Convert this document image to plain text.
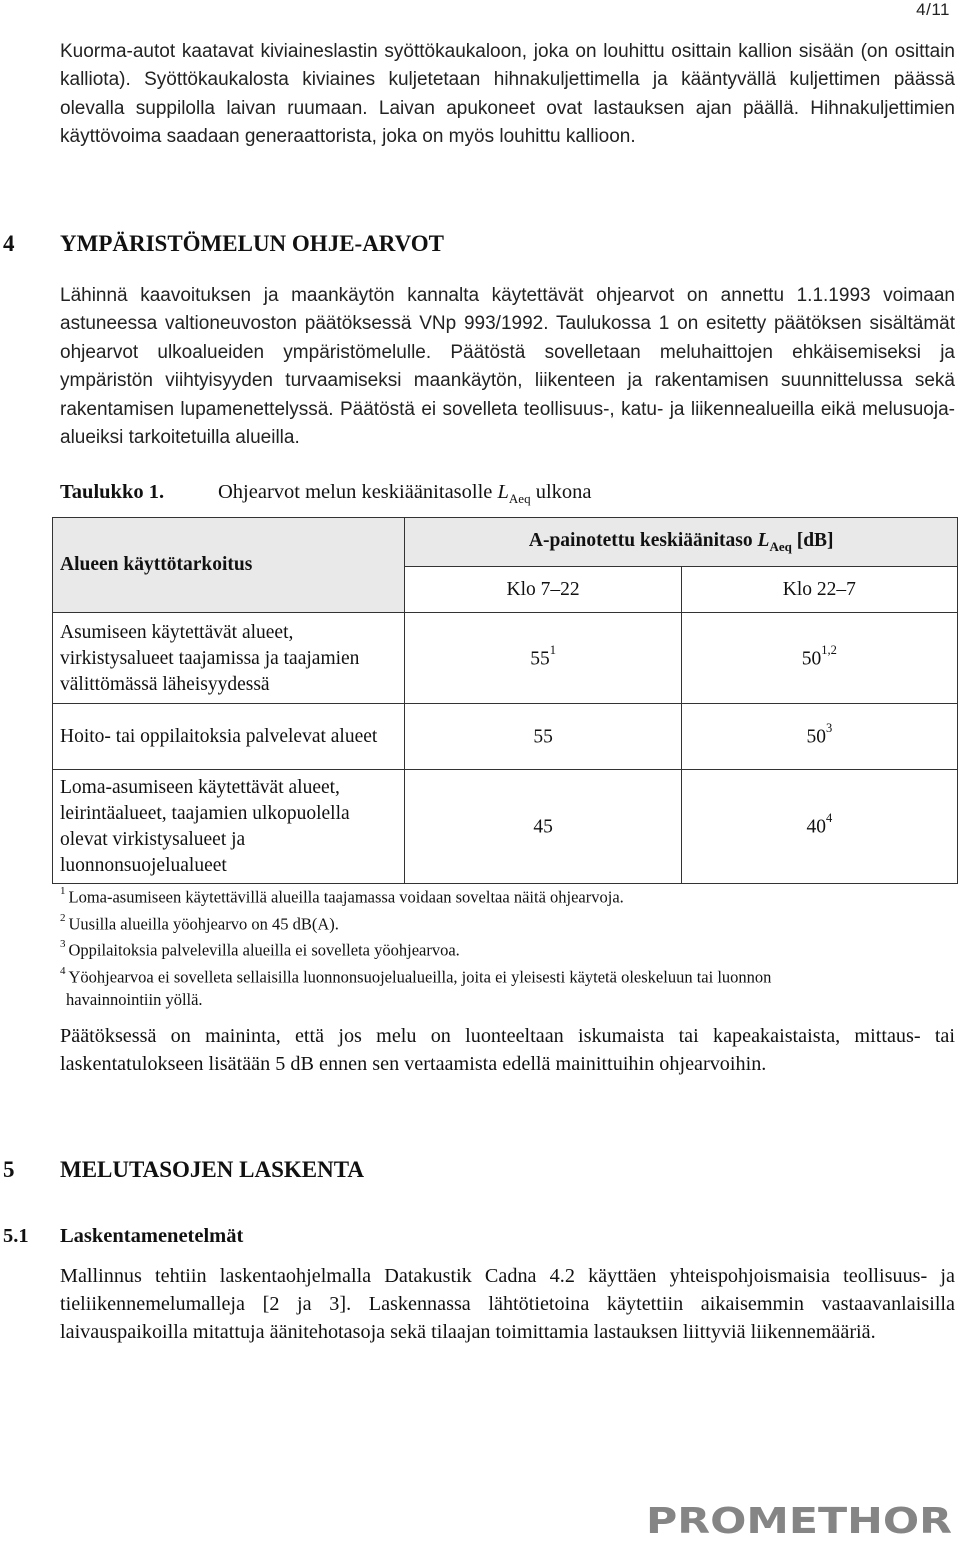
4/11

Kuorma-autot kaatavat kiviaineslastin syöttökaukaloon, joka on louhittu osittain kallion sisään (on osittain kalliota). Syöttökaukalosta kiviaines kuljetetaan hihnakuljettimella ja kääntyvällä kuljettimen päässä olevalla suppilolla laivan ruumaan. Laivan apukoneet ovat lastauksen ajan päällä. Hihnakuljettimien käyttövoima saadaan generaattorista, joka on myös louhittu kallioon.

4 YMPÄRISTÖMELUN OHJE-ARVOT

Lähinnä kaavoituksen ja maankäytön kannalta käytettävät ohjearvot on annettu 1.1.1993 voimaan astuneessa valtioneuvoston päätöksessä VNp 993/1992. Taulukossa 1 on esitetty päätöksen sisältämät ohjearvot ulkoalueiden ympäristömelulle. Päätöstä sovelletaan meluhaittojen ehkäisemiseksi ja ympäristön viihtyisyyden turvaamiseksi maankäytön, liikenteen ja rakentamisen suunnittelussa sekä rakentamisen lupamenettelyssä. Päätöstä ei sovelleta teollisuus-, katu- ja liikennealueilla eikä melusuoja-alueiksi tarkoitetuilla alueilla.

Taulukko 1.	Ohjearvot melun keskiäänitasolle $L_{Aeq}$ ulkona
Alueen käyttötarkoitus	A-painotettu keskiäänitaso $L_{Aeq}$ [dB]	
	Klo 7–22	Klo 22–7
Asumiseen käytettävät alueet, virkistysalueet taajamissa ja taajamien välittömässä läheisyydessä	$55^1$	50$^{1,2}$
Hoito- tai oppilaitoksia palvelevat alueet	55	$50^3$
Loma-asumiseen käytettävät alueet, leirintäalueet, taajamien ulkopuolella olevat virkistysalueet ja luonnonsuojelualueet	45	$40^4$
$^1$ Loma-asumiseen käytettävillä alueilla taajamassa voidaan soveltaa näitä ohjearvoja.
$^2$ Uusilla alueilla yöohjearvo on 45 dB(A).
$^3$ Oppilaitoksia palvelevilla alueilla ei sovelleta yöohjearvoa.
$^4$ Yöohjearvoa ei sovelleta sellaisilla luonnonsuojelualueilla, joita ei yleisesti käytetä oleskeluun tai luonnon
havainnointiin yöllä.

Päätöksessä on maininta, että jos melu on luonteeltaan iskumaista tai kapeakaistaista, mittaus- tai laskentatulokseen lisätään 5 dB ennen sen vertaamista edellä mainittuihin ohjearvoihin.

5 MELUTASOJEN LASKENTA
5.1 Laskentamenetelmät

Mallinnus tehtiin laskentaohjelmalla Datakustik Cadna 4.2 käyttäen yhteispohjoismaisia teollisuus- ja tieliikennemelumalleja [2 ja 3]. Laskennassa lähtötietoina käytettiin aikaisemmin vastaavanlaisilla laivauspaikoilla mitattuja äänitehotasoja sekä tilaajan toimittamia lastauksen liittyviä liikennemääriä.

PROMETHOR
